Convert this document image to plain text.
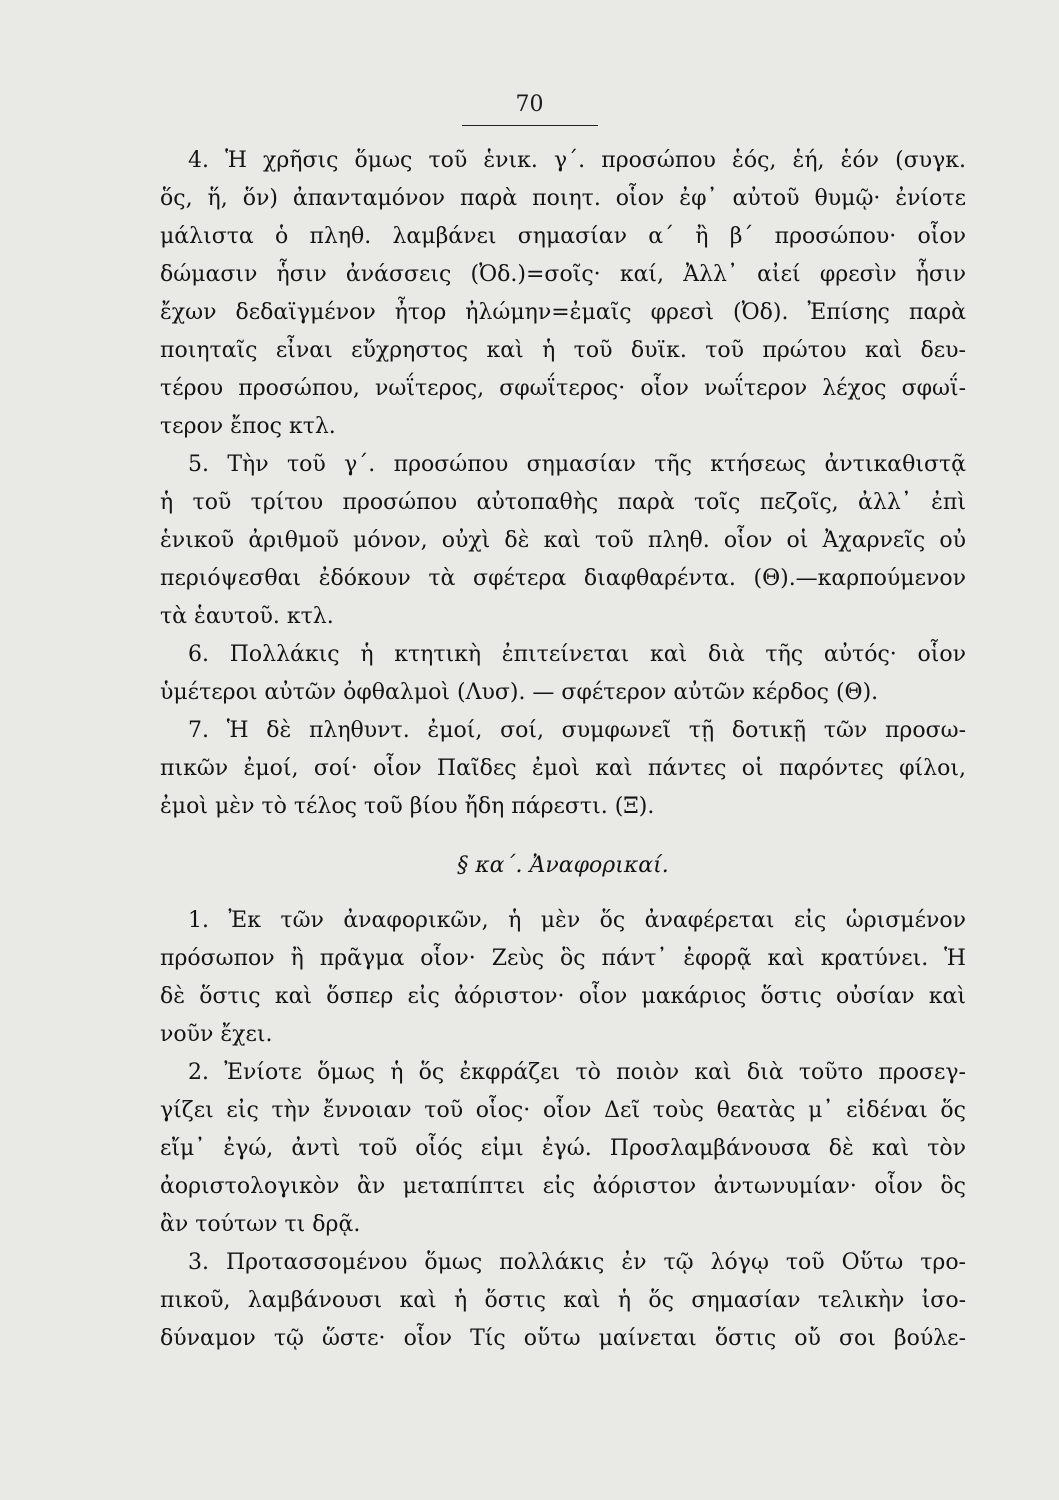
70
4. Ἡ χρῆσις ὅμως τοῦ ἑνικ. γ΄. προσώπου ἑός, ἑή, ἑόν (συγκ.
ὅς, ἥ, ὅν) ἀπανταμόνον παρὰ ποιητ. οἷον ἐφ᾽ αὐτοῦ θυμῷ· ἐνίοτε
μάλιστα ὁ πληθ. λαμβάνει σημασίαν α΄ ἢ β΄ προσώπου· οἷον
δώμασιν ἧσιν ἀνάσσεις (Ὀδ.)=σοῖς· καί, Ἀλλ᾽ αἰεί φρεσὶν ἧσιν
ἔχων δεδαϊγμένον ἦτορ ἠλώμην=ἐμαῖς φρεσὶ (Ὀδ). Ἐπίσης παρὰ
ποιηταῖς εἶναι εὔχρηστος καὶ ἡ τοῦ δυϊκ. τοῦ πρώτου καὶ δευ-
τέρου προσώπου, νωΐτερος, σφωΐτερος· οἷον νωΐτερον λέχος σφωΐ-
τερον ἔπος κτλ.
5. Τὴν τοῦ γ΄. προσώπου σημασίαν τῆς κτήσεως ἀντικαθιστᾷ
ἡ τοῦ τρίτου προσώπου αὐτοπαθὴς παρὰ τοῖς πεζοῖς, ἀλλ᾽ ἐπὶ
ἑνικοῦ ἀριθμοῦ μόνον, οὐχὶ δὲ καὶ τοῦ πληθ. οἷον οἱ Ἀχαρνεῖς οὐ
περιόψεσθαι ἐδόκουν τὰ σφέτερα διαφθαρέντα. (Θ).—καρπούμενον
τὰ ἑαυτοῦ. κτλ.
6. Πολλάκις ἡ κτητικὴ ἐπιτείνεται καὶ διὰ τῆς αὐτός· οἷον
ὑμέτεροι αὐτῶν ὀφθαλμοὶ (Λυσ). — σφέτερον αὐτῶν κέρδος (Θ).
7. Ἡ δὲ πληθυντ. ἐμοί, σοί, συμφωνεῖ τῇ δοτικῇ τῶν προσω-
πικῶν ἐμοί, σοί· οἷον Παῖδες ἐμοὶ καὶ πάντες οἱ παρόντες φίλοι,
ἐμοὶ μὲν τὸ τέλος τοῦ βίου ἤδη πάρεστι. (Ξ).
§ κα΄. Ἀναφορικαί.
1. Ἐκ τῶν ἀναφορικῶν, ἡ μὲν ὅς ἀναφέρεται εἰς ὡρισμένον
πρόσωπον ἢ πρᾶγμα οἷον· Ζεὺς ὃς πάντ᾽ ἐφορᾷ καὶ κρατύνει. Ἡ
δὲ ὅστις καὶ ὅσπερ εἰς ἀόριστον· οἷον μακάριος ὅστις οὐσίαν καὶ
νοῦν ἔχει.
2. Ἐνίοτε ὅμως ἡ ὅς ἐκφράζει τὸ ποιὸν καὶ διὰ τοῦτο προσεγ-
γίζει εἰς τὴν ἔννοιαν τοῦ οἷος· οἷον Δεῖ τοὺς θεατὰς μ᾽ εἰδέναι ὅς
εἴμ᾽ ἐγώ, ἀντὶ τοῦ οἷός εἰμι ἐγώ. Προσλαμβάνουσα δὲ καὶ τὸν
ἀοριστολογικὸν ἂν μεταπίπτει εἰς ἀόριστον ἀντωνυμίαν· οἷον ὃς
ἂν τούτων τι δρᾷ.
3. Προτασσομένου ὅμως πολλάκις ἐν τῷ λόγῳ τοῦ Οὕτω τρο-
πικοῦ, λαμβάνουσι καὶ ἡ ὅστις καὶ ἡ ὅς σημασίαν τελικὴν ἰσο-
δύναμον τῷ ὥστε· οἷον Τίς οὕτω μαίνεται ὅστις οὔ σοι βούλε-
